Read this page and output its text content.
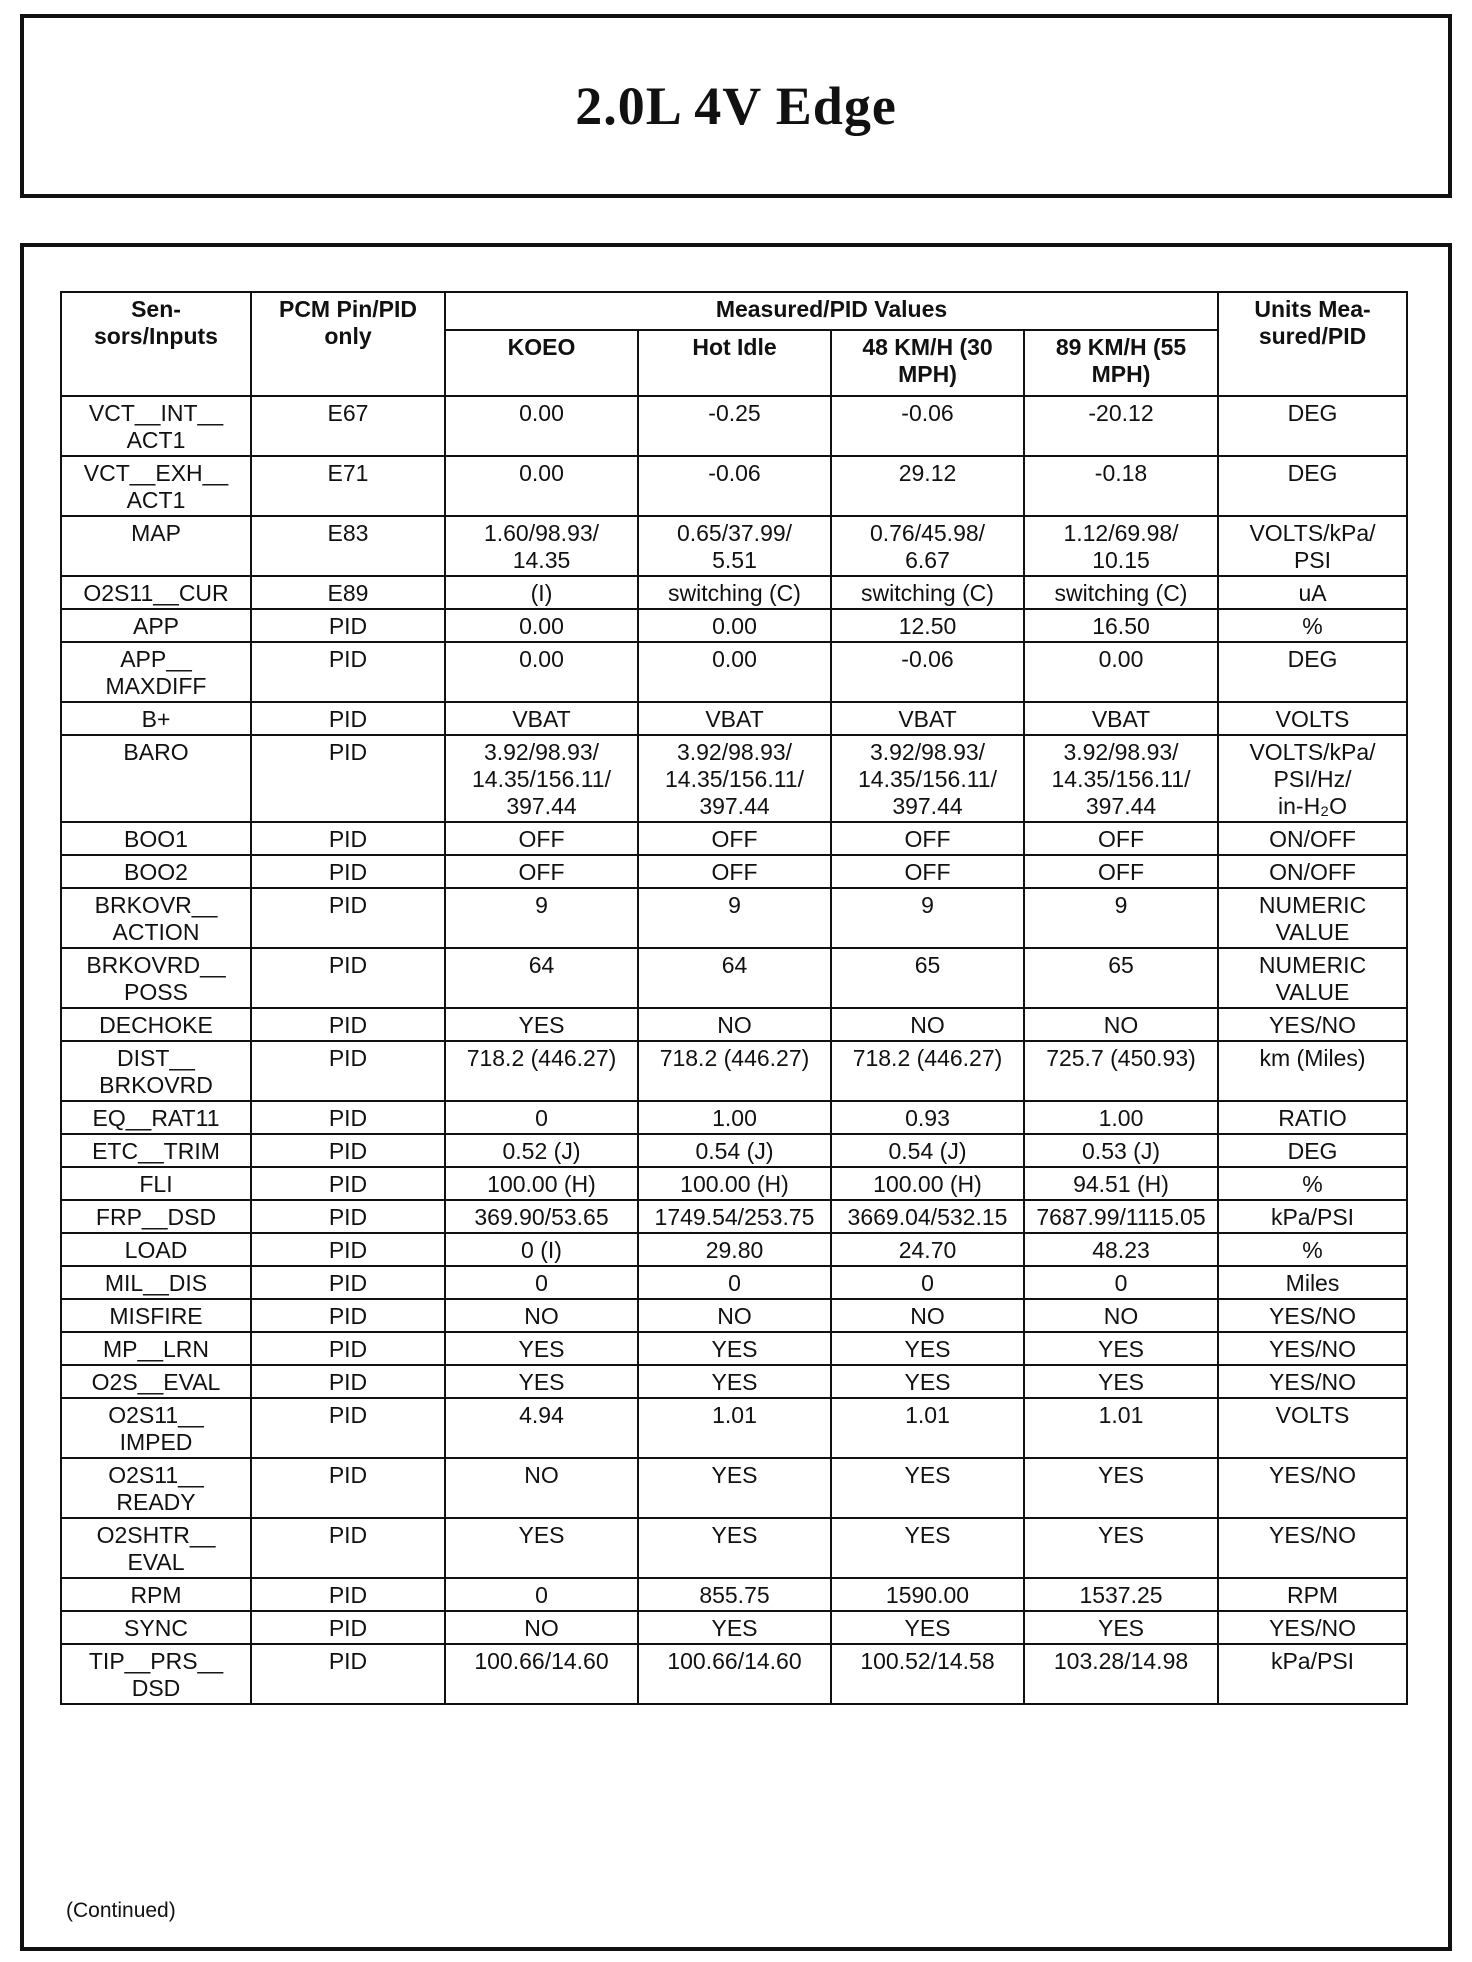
2.0L 4V Edge
Sen-
sors/Inputs	PCM Pin/PID
only	Measured/PID Values				Units Mea-
sured/PID
		KOEO	Hot Idle	48 KM/H (30
MPH)	89 KM/H (55
MPH)	
VCT__INT__
ACT1	E67	0.00	-0.25	-0.06	-20.12	DEG
VCT__EXH__
ACT1	E71	0.00	-0.06	29.12	-0.18	DEG
MAP	E83	1.60/98.93/
14.35	0.65/37.99/
5.51	0.76/45.98/
6.67	1.12/69.98/
10.15	VOLTS/kPa/
PSI
O2S11__CUR	E89	(I)	switching (C)	switching (C)	switching (C)	uA
APP	PID	0.00	0.00	12.50	16.50	%
APP__
MAXDIFF	PID	0.00	0.00	-0.06	0.00	DEG
B+	PID	VBAT	VBAT	VBAT	VBAT	VOLTS
BARO	PID	3.92/98.93/
14.35/156.11/
397.44	3.92/98.93/
14.35/156.11/
397.44	3.92/98.93/
14.35/156.11/
397.44	3.92/98.93/
14.35/156.11/
397.44	VOLTS/kPa/
PSI/Hz/
in-H₂O
BOO1	PID	OFF	OFF	OFF	OFF	ON/OFF
BOO2	PID	OFF	OFF	OFF	OFF	ON/OFF
BRKOVR__
ACTION	PID	9	9	9	9	NUMERIC
VALUE
BRKOVRD__
POSS	PID	64	64	65	65	NUMERIC
VALUE
DECHOKE	PID	YES	NO	NO	NO	YES/NO
DIST__
BRKOVRD	PID	718.2 (446.27)	718.2 (446.27)	718.2 (446.27)	725.7 (450.93)	km (Miles)
EQ__RAT11	PID	0	1.00	0.93	1.00	RATIO
ETC__TRIM	PID	0.52 (J)	0.54 (J)	0.54 (J)	0.53 (J)	DEG
FLI	PID	100.00 (H)	100.00 (H)	100.00 (H)	94.51 (H)	%
FRP__DSD	PID	369.90/53.65	1749.54/253.75	3669.04/532.15	7687.99/1115.05	kPa/PSI
LOAD	PID	0 (I)	29.80	24.70	48.23	%
MIL__DIS	PID	0	0	0	0	Miles
MISFIRE	PID	NO	NO	NO	NO	YES/NO
MP__LRN	PID	YES	YES	YES	YES	YES/NO
O2S__EVAL	PID	YES	YES	YES	YES	YES/NO
O2S11__
IMPED	PID	4.94	1.01	1.01	1.01	VOLTS
O2S11__
READY	PID	NO	YES	YES	YES	YES/NO
O2SHTR__
EVAL	PID	YES	YES	YES	YES	YES/NO
RPM	PID	0	855.75	1590.00	1537.25	RPM
SYNC	PID	NO	YES	YES	YES	YES/NO
TIP__PRS__
DSD	PID	100.66/14.60	100.66/14.60	100.52/14.58	103.28/14.98	kPa/PSI
(Continued)
